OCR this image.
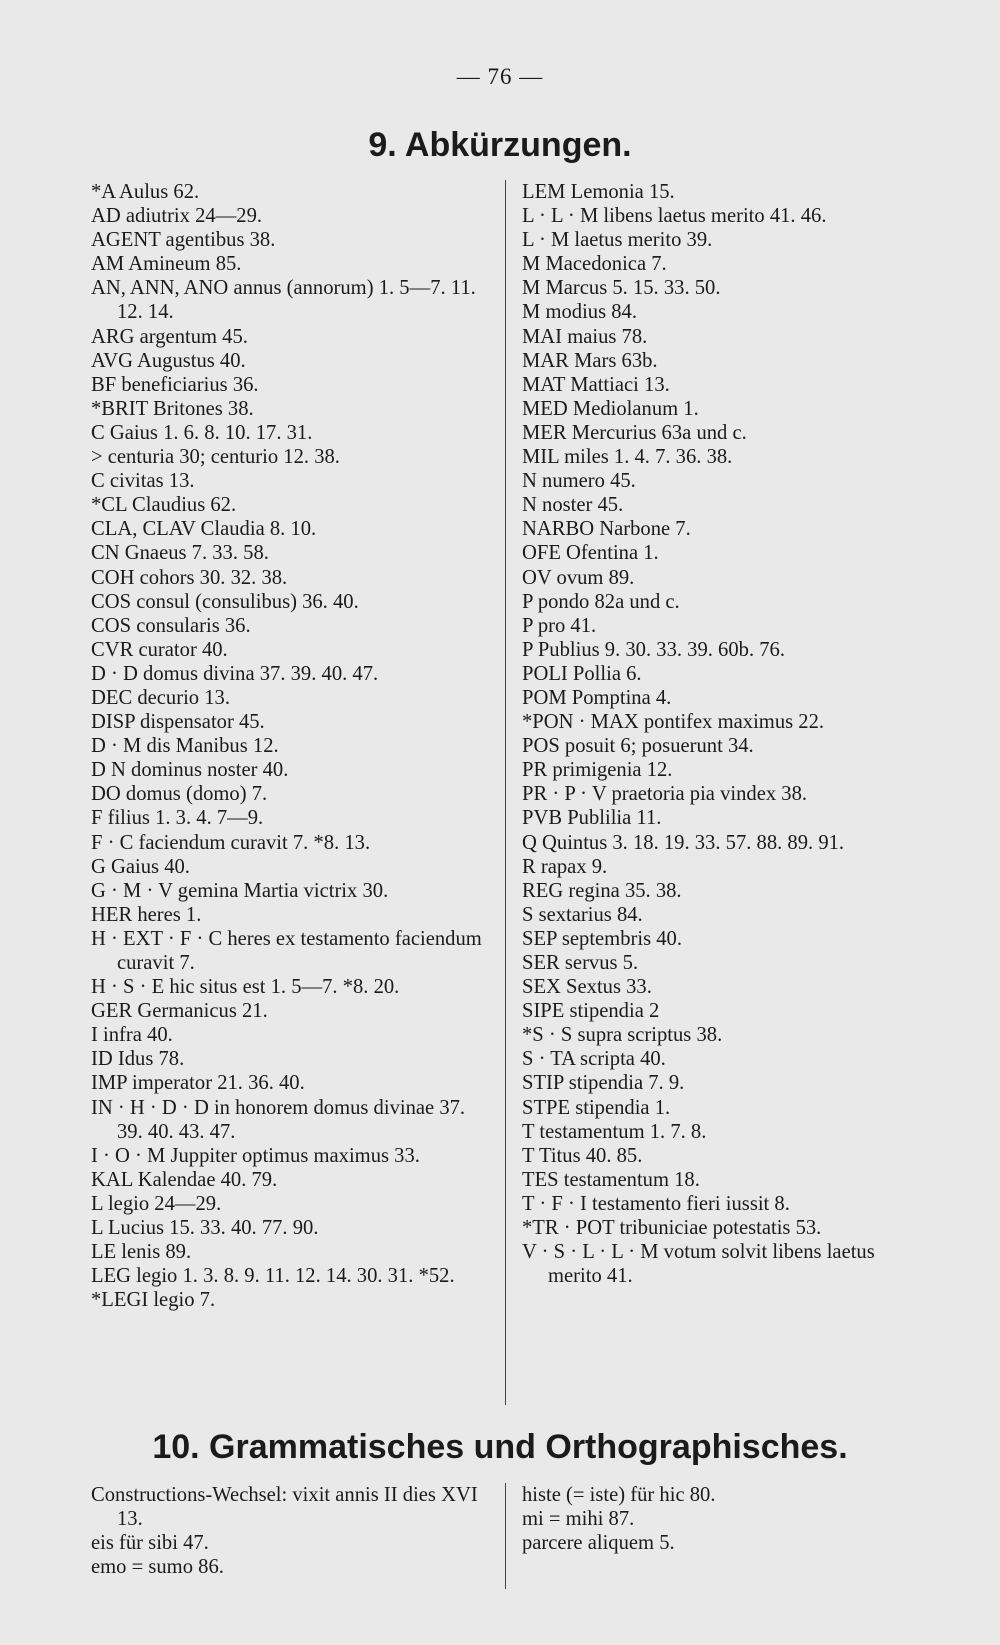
— 76 —
9. Abkürzungen.
*A Aulus 62.
AD adiutrix 24—29.
AGENT agentibus 38.
AM Amineum 85.
AN, ANN, ANO annus (annorum) 1. 5—7. 11. 12. 14.
ARG argentum 45.
AVG Augustus 40.
BF beneficiarius 36.
*BRIT Britones 38.
C Gaius 1. 6. 8. 10. 17. 31.
> centuria 30; centurio 12. 38.
C civitas 13.
*CL Claudius 62.
CLA, CLAV Claudia 8. 10.
CN Gnaeus 7. 33. 58.
COH cohors 30. 32. 38.
COS consul (consulibus) 36. 40.
COS consularis 36.
CVR curator 40.
D · D domus divina 37. 39. 40. 47.
DEC decurio 13.
DISP dispensator 45.
D · M dis Manibus 12.
D N dominus noster 40.
DO domus (domo) 7.
F filius 1. 3. 4. 7—9.
F · C faciendum curavit 7. *8. 13.
G Gaius 40.
G · M · V gemina Martia victrix 30.
HER heres 1.
H · EXT · F · C heres ex testamento faciendum curavit 7.
H · S · E hic situs est 1. 5—7. *8. 20.
GER Germanicus 21.
I infra 40.
ID Idus 78.
IMP imperator 21. 36. 40.
IN · H · D · D in honorem domus divinae 37. 39. 40. 43. 47.
I · O · M Juppiter optimus maximus 33.
KAL Kalendae 40. 79.
L legio 24—29.
L Lucius 15. 33. 40. 77. 90.
LE lenis 89.
LEG legio 1. 3. 8. 9. 11. 12. 14. 30. 31. *52.
*LEGI legio 7.
LEM Lemonia 15.
L · L · M libens laetus merito 41. 46.
L · M laetus merito 39.
M Macedonica 7.
M Marcus 5. 15. 33. 50.
M modius 84.
MAI maius 78.
MAR Mars 63b.
MAT Mattiaci 13.
MED Mediolanum 1.
MER Mercurius 63a und c.
MIL miles 1. 4. 7. 36. 38.
N numero 45.
N noster 45.
NARBO Narbone 7.
OFE Ofentina 1.
OV ovum 89.
P pondo 82a und c.
P pro 41.
P Publius 9. 30. 33. 39. 60b. 76.
POLI Pollia 6.
POM Pomptina 4.
*PON · MAX pontifex maximus 22.
POS posuit 6; posuerunt 34.
PR primigenia 12.
PR · P · V praetoria pia vindex 38.
PVB Publilia 11.
Q Quintus 3. 18. 19. 33. 57. 88. 89. 91.
R rapax 9.
REG regina 35. 38.
S sextarius 84.
SEP septembris 40.
SER servus 5.
SEX Sextus 33.
SIPE stipendia 2
*S · S supra scriptus 38.
S · TA scripta 40.
STIP stipendia 7. 9.
STPE stipendia 1.
T testamentum 1. 7. 8.
T Titus 40. 85.
TES testamentum 18.
T · F · I testamento fieri iussit 8.
*TR · POT tribuniciae potestatis 53.
V · S · L · L · M votum solvit libens laetus merito 41.
10. Grammatisches und Orthographisches.
Constructions-Wechsel: vixit annis II dies XVI 13.
eis für sibi 47.
emo = sumo 86.
histe (= iste) für hic 80.
mi = mihi 87.
parcere aliquem 5.
